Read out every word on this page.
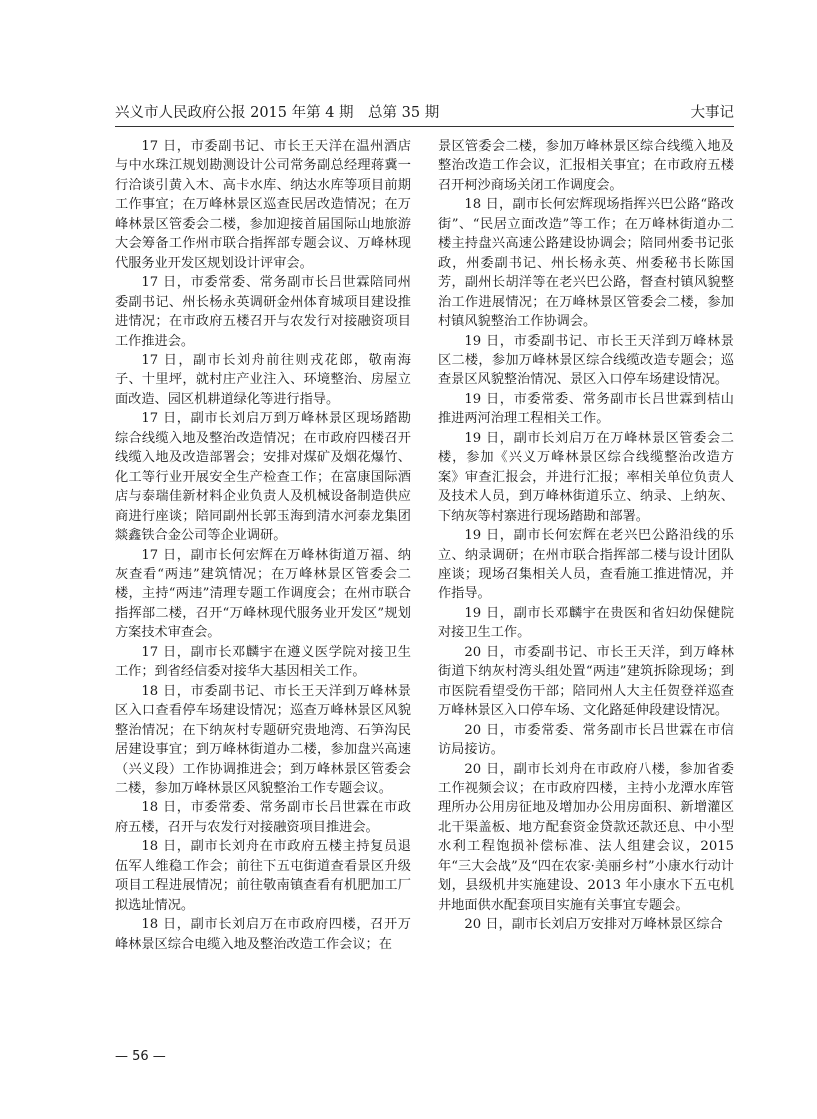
兴义市人民政府公报 2015 年第 4 期　总第 35 期	大事记

17 日，市委副书记、市长王天洋在温州酒店与中水珠江规划勘测设计公司常务副总经理蒋冀一行洽谈引黄入木、高卡水库、纳达水库等项目前期工作事宜；在万峰林景区巡查民居改造情况；在万峰林景区管委会二楼，参加迎接首届国际山地旅游大会筹备工作州市联合指挥部专题会议、万峰林现代服务业开发区规划设计评审会。

17 日，市委常委、常务副市长吕世霖陪同州委副书记、州长杨永英调研金州体育城项目建设推进情况；在市政府五楼召开与农发行对接融资项目工作推进会。

17 日，副市长刘舟前往则戎花郎，敬南海子、十里坪，就村庄产业注入、环境整治、房屋立面改造、园区机耕道绿化等进行指导。

17 日，副市长刘启万到万峰林景区现场踏勘综合线缆入地及整治改造情况；在市政府四楼召开线缆入地及改造部署会；安排对煤矿及烟花爆竹、化工等行业开展安全生产检查工作；在富康国际酒店与泰瑞佳新材料企业负责人及机械设备制造供应商进行座谈；陪同副州长郭玉海到清水河泰龙集团燚鑫铁合金公司等企业调研。

17 日，副市长何宏辉在万峰林街道万福、纳灰查看“两违”建筑情况；在万峰林景区管委会二楼，主持“两违”清理专题工作调度会；在州市联合指挥部二楼，召开“万峰林现代服务业开发区”规划方案技术审查会。

17 日，副市长邓麟宇在遵义医学院对接卫生工作；到省经信委对接华大基因相关工作。

18 日，市委副书记、市长王天洋到万峰林景区入口查看停车场建设情况；巡查万峰林景区风貌整治情况；在下纳灰村专题研究贵地湾、石笋沟民居建设事宜；到万峰林街道办二楼，参加盘兴高速（兴义段）工作协调推进会；到万峰林景区管委会二楼，参加万峰林景区风貌整治工作专题会议。

18 日，市委常委、常务副市长吕世霖在市政府五楼，召开与农发行对接融资项目推进会。

18 日，副市长刘舟在市政府五楼主持复员退伍军人维稳工作会；前往下五屯街道查看景区升级项目工程进展情况；前往敬南镇查看有机肥加工厂拟选址情况。

18 日，副市长刘启万在市政府四楼，召开万峰林景区综合电缆入地及整治改造工作会议；在

景区管委会二楼，参加万峰林景区综合线缆入地及整治改造工作会议，汇报相关事宜；在市政府五楼召开柯沙商场关闭工作调度会。

18 日，副市长何宏辉现场指挥兴巴公路“路改街”、“民居立面改造”等工作；在万峰林街道办二楼主持盘兴高速公路建设协调会；陪同州委书记张政，州委副书记、州长杨永英、州委秘书长陈国芳，副州长胡洋等在老兴巴公路，督查村镇风貌整治工作进展情况；在万峰林景区管委会二楼，参加村镇风貌整治工作协调会。

19 日，市委副书记、市长王天洋到万峰林景区二楼，参加万峰林景区综合线缆改造专题会；巡查景区风貌整治情况、景区入口停车场建设情况。

19 日，市委常委、常务副市长吕世霖到桔山推进两河治理工程相关工作。

19 日，副市长刘启万在万峰林景区管委会二楼，参加《兴义万峰林景区综合线缆整治改造方案》审查汇报会，并进行汇报；率相关单位负责人及技术人员，到万峰林街道乐立、纳录、上纳灰、下纳灰等村寨进行现场踏勘和部署。

19 日，副市长何宏辉在老兴巴公路沿线的乐立、纳录调研；在州市联合指挥部二楼与设计团队座谈；现场召集相关人员，查看施工推进情况，并作指导。

19 日，副市长邓麟宇在贵医和省妇幼保健院对接卫生工作。

20 日，市委副书记、市长王天洋，到万峰林街道下纳灰村湾头组处置“两违”建筑拆除现场；到市医院看望受伤干部；陪同州人大主任贺登祥巡查万峰林景区入口停车场、文化路延伸段建设情况。

20 日，市委常委、常务副市长吕世霖在市信访局接访。

20 日，副市长刘舟在市政府八楼，参加省委工作视频会议；在市政府四楼，主持小龙潭水库管理所办公用房征地及增加办公用房面积、新增灌区北干渠盖板、地方配套资金贷款还款还息、中小型水利工程饱损补偿标准、法人组建会议，2015 年“三大会战”及“四在农家·美丽乡村”小康水行动计划，县级机井实施建设、2013 年小康水下五屯机井地面供水配套项目实施有关事宜专题会。

20 日，副市长刘启万安排对万峰林景区综合

— 56 —
